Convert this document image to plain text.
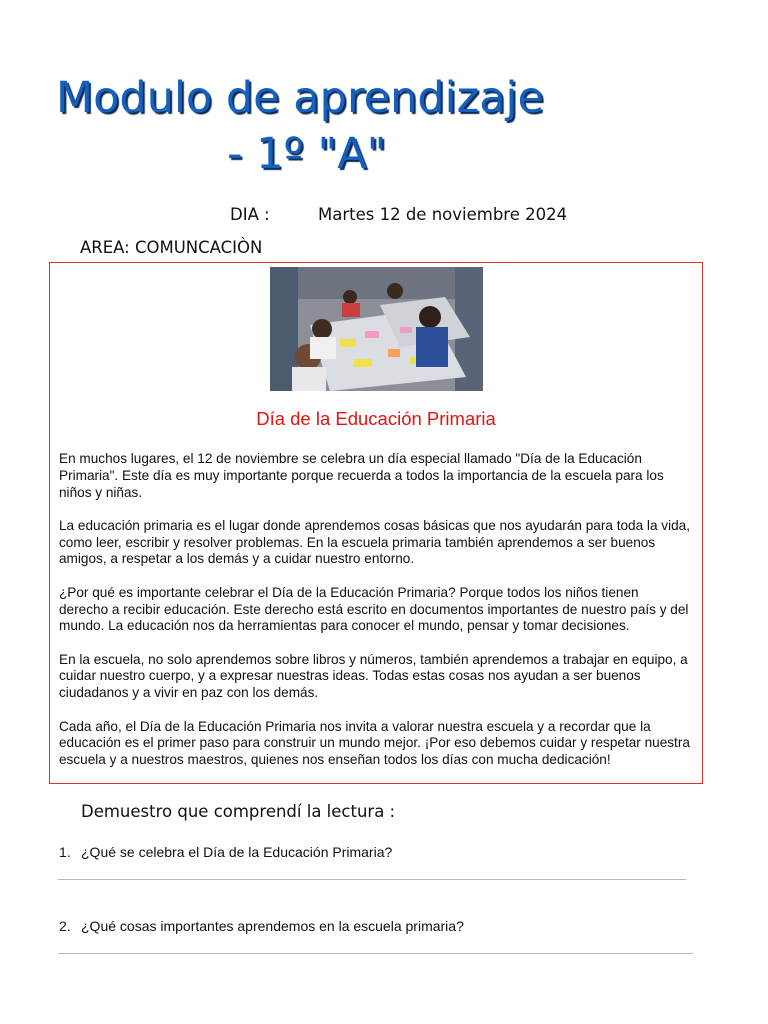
Modulo de aprendizaje
- 1º "A"
DIA :	Martes 12 de noviembre 2024
AREA: COMUNCACIÒN
Día de la Educación Primaria

En muchos lugares, el 12 de noviembre se celebra un día especial llamado "Día de la Educación Primaria". Este día es muy importante porque recuerda a todos la importancia de la escuela para los niños y niñas.

La educación primaria es el lugar donde aprendemos cosas básicas que nos ayudarán para toda la vida, como leer, escribir y resolver problemas. En la escuela primaria también aprendemos a ser buenos amigos, a respetar a los demás y a cuidar nuestro entorno.

¿Por qué es importante celebrar el Día de la Educación Primaria? Porque todos los niños tienen derecho a recibir educación. Este derecho está escrito en documentos importantes de nuestro país y del mundo. La educación nos da herramientas para conocer el mundo, pensar y tomar decisiones.

En la escuela, no solo aprendemos sobre libros y números, también aprendemos a trabajar en equipo, a cuidar nuestro cuerpo, y a expresar nuestras ideas. Todas estas cosas nos ayudan a ser buenos ciudadanos y a vivir en paz con los demás.

Cada año, el Día de la Educación Primaria nos invita a valorar nuestra escuela y a recordar que la educación es el primer paso para construir un mundo mejor. ¡Por eso debemos cuidar y respetar nuestra escuela y a nuestros maestros, quienes nos enseñan todos los días con mucha dedicación!

Demuestro que comprendí la lectura :
1. ¿Qué se celebra el Día de la Educación Primaria?
2. ¿Qué cosas importantes aprendemos en la escuela primaria?
